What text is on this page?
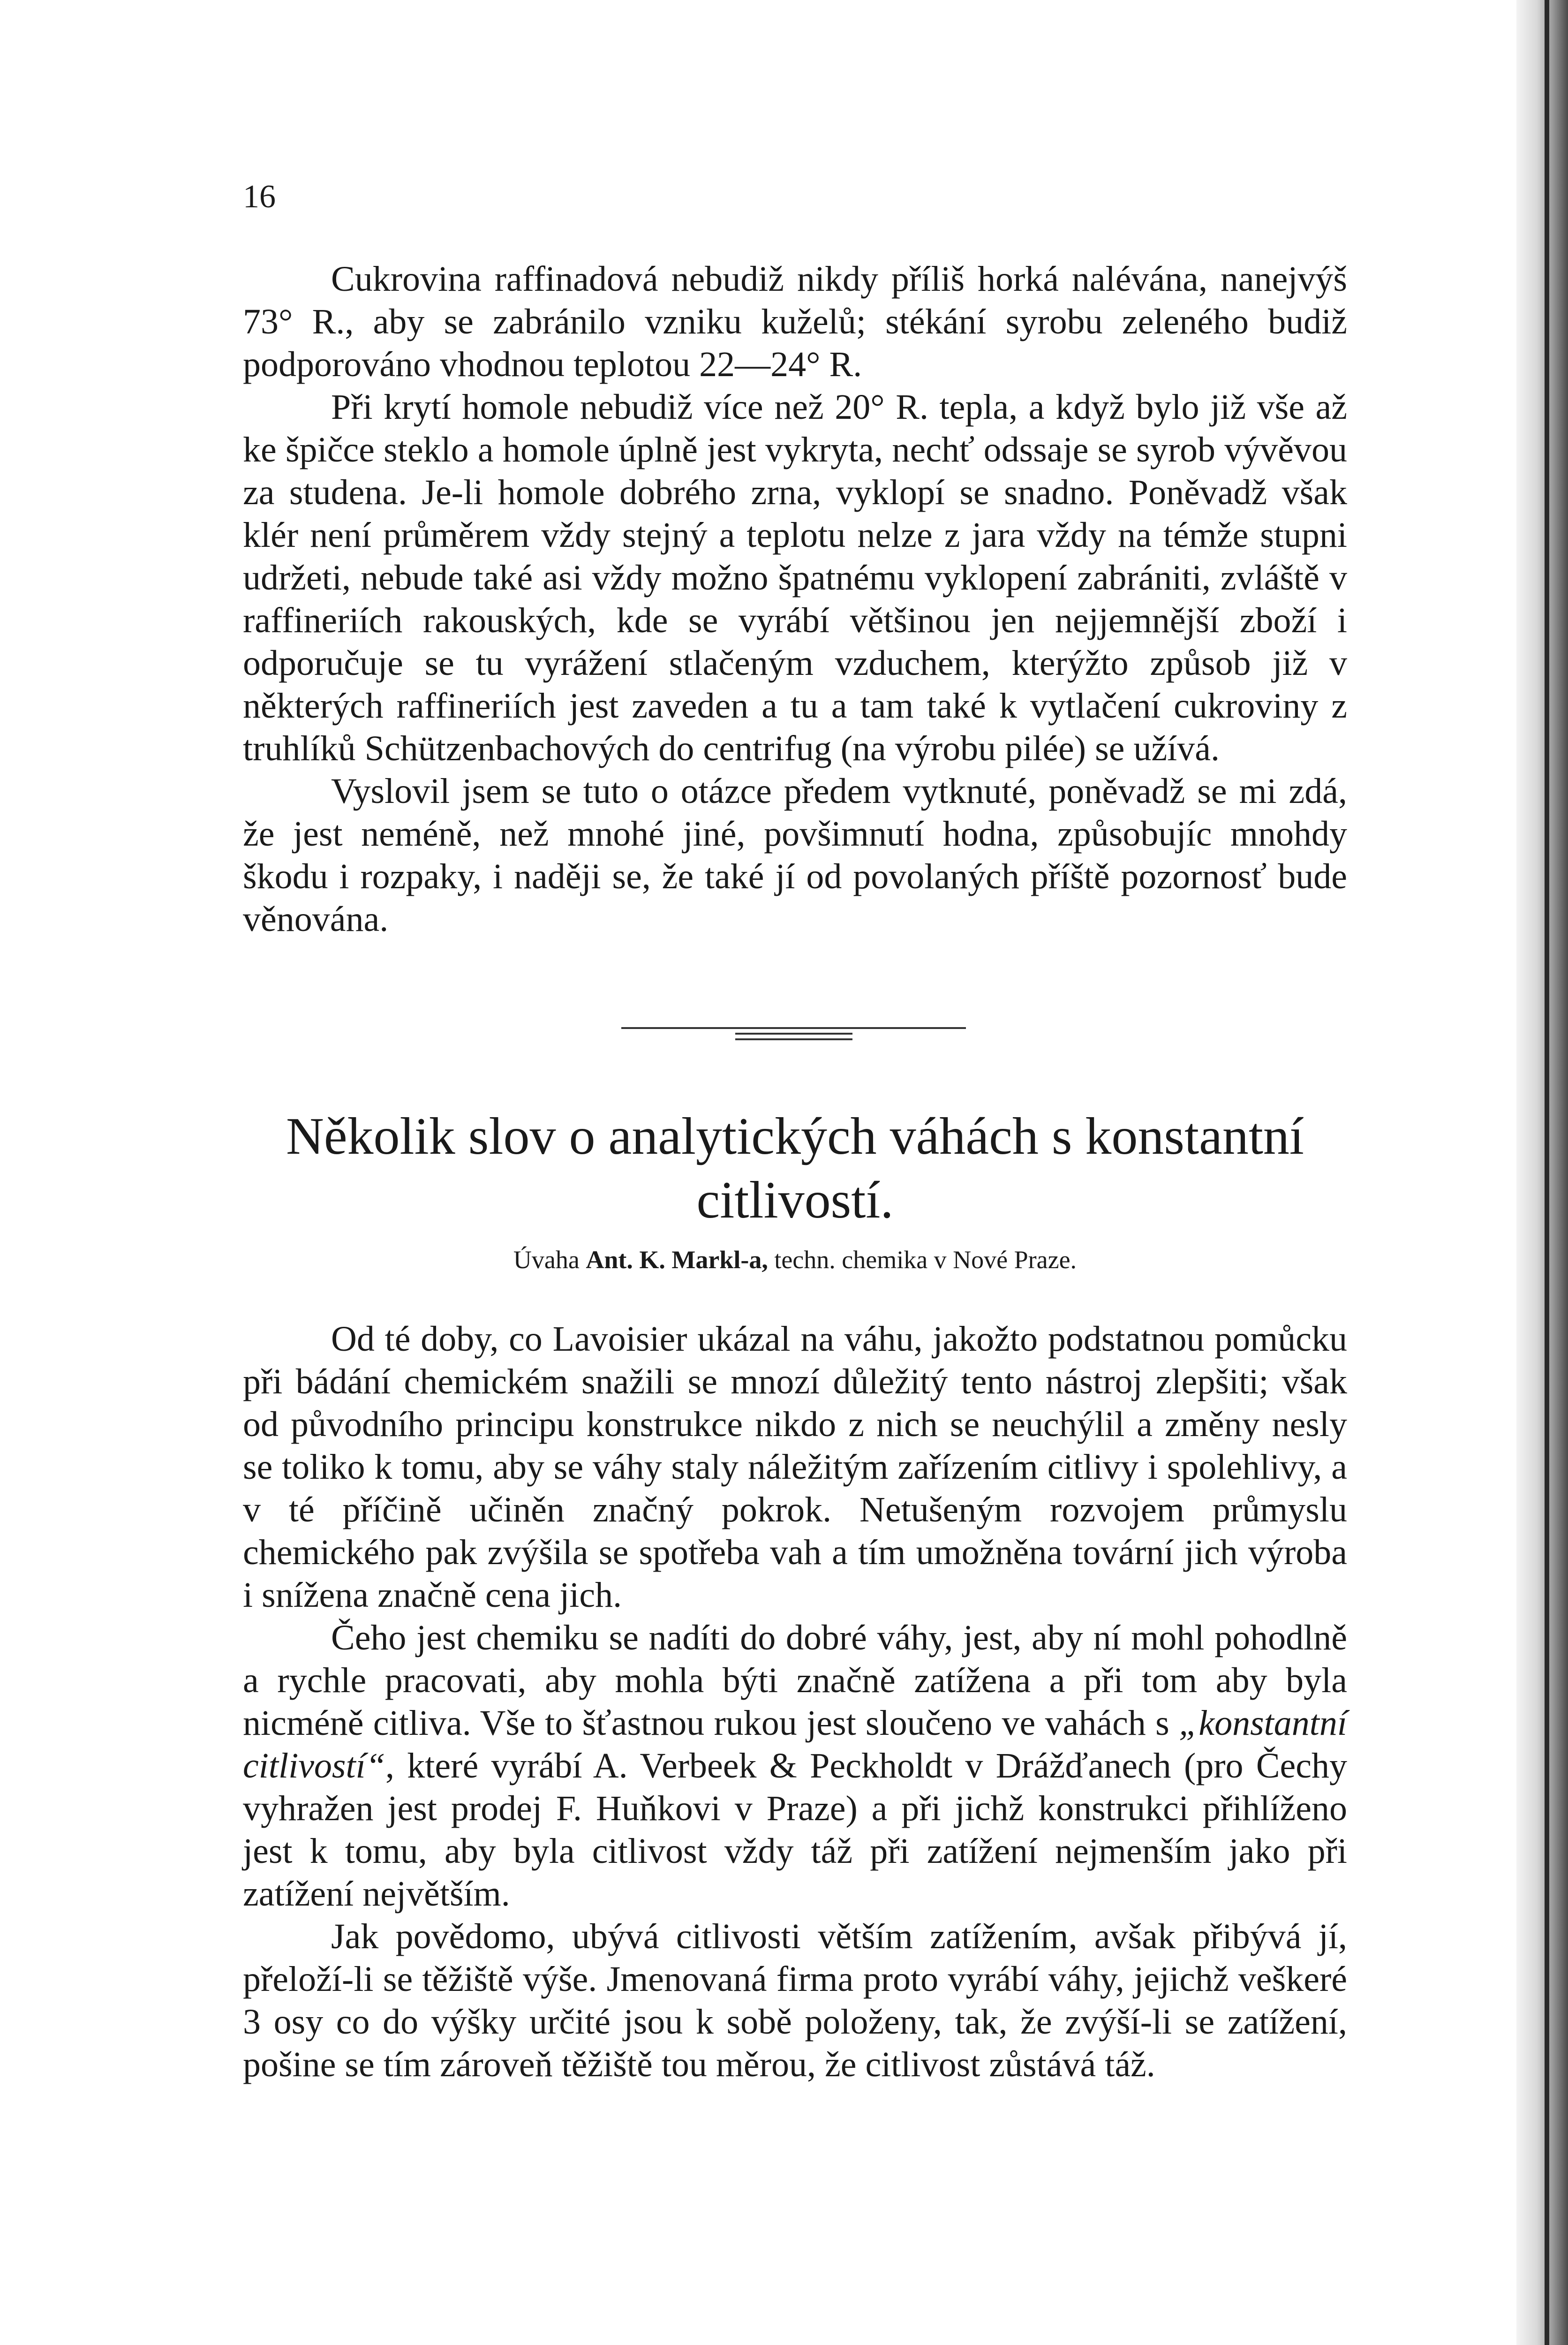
16

Cukrovina raffinadová nebudiž nikdy příliš horká nalévána, nanejvýš 73° R., aby se zabránilo vzniku kuželů; stékání syrobu zeleného budiž podporováno vhodnou teplotou 22—24° R.

Při krytí homole nebudiž více než 20° R. tepla, a když bylo již vše až ke špičce steklo a homole úplně jest vykryta, nechť odssaje se syrob vývěvou za studena. Je-li homole dobrého zrna, vyklopí se snadno. Poněvadž však klér není průměrem vždy stejný a teplotu nelze z jara vždy na témže stupni udržeti, nebude také asi vždy možno špatnému vyklopení zabrániti, zvláště v raffineriích rakouských, kde se vyrábí většinou jen nejjemnější zboží i odporučuje se tu vyrážení stlačeným vzduchem, kterýžto způsob již v některých raffineriích jest zaveden a tu a tam také k vytlačení cukroviny z truhlíků Schützenbachových do centrifug (na výrobu pilée) se užívá.

Vyslovil jsem se tuto o otázce předem vytknuté, poněvadž se mi zdá, že jest neméně, než mnohé jiné, povšimnutí hodna, způsobujíc mnohdy škodu i rozpaky, i naději se, že také jí od povolaných příště pozornosť bude věnována.

Několik slov o analytických váhách s konstantní
citlivostí.
Úvaha Ant. K. Markl-a, techn. chemika v Nové Praze.

Od té doby, co Lavoisier ukázal na váhu, jakožto podstatnou pomůcku při bádání chemickém snažili se mnozí důležitý tento nástroj zlepšiti; však od původního principu konstrukce nikdo z nich se neuchýlil a změny nesly se toliko k tomu, aby se váhy staly náležitým zařízením citlivy i spolehlivy, a v té příčině učiněn značný pokrok. Netušeným rozvojem průmyslu chemického pak zvýšila se spotřeba vah a tím umožněna tovární jich výroba i snížena značně cena jich.

Čeho jest chemiku se nadíti do dobré váhy, jest, aby ní mohl pohodlně a rychle pracovati, aby mohla býti značně zatížena a při tom aby byla nicméně citliva. Vše to šťastnou rukou jest sloučeno ve vahách s „konstantní citlivostí“, které vyrábí A. Verbeek & Peckholdt v Drážďanech (pro Čechy vyhražen jest prodej F. Huňkovi v Praze) a při jichž konstrukci přihlíženo jest k tomu, aby byla citlivost vždy táž při zatížení nejmenším jako při zatížení největším.

Jak povědomo, ubývá citlivosti větším zatížením, avšak přibývá jí, přeloží-li se těžiště výše. Jmenovaná firma proto vyrábí váhy, jejichž veškeré 3 osy co do výšky určité jsou k sobě položeny, tak, že zvýší-li se zatížení, pošine se tím zároveň těžiště tou měrou, že citlivost zůstává táž.
